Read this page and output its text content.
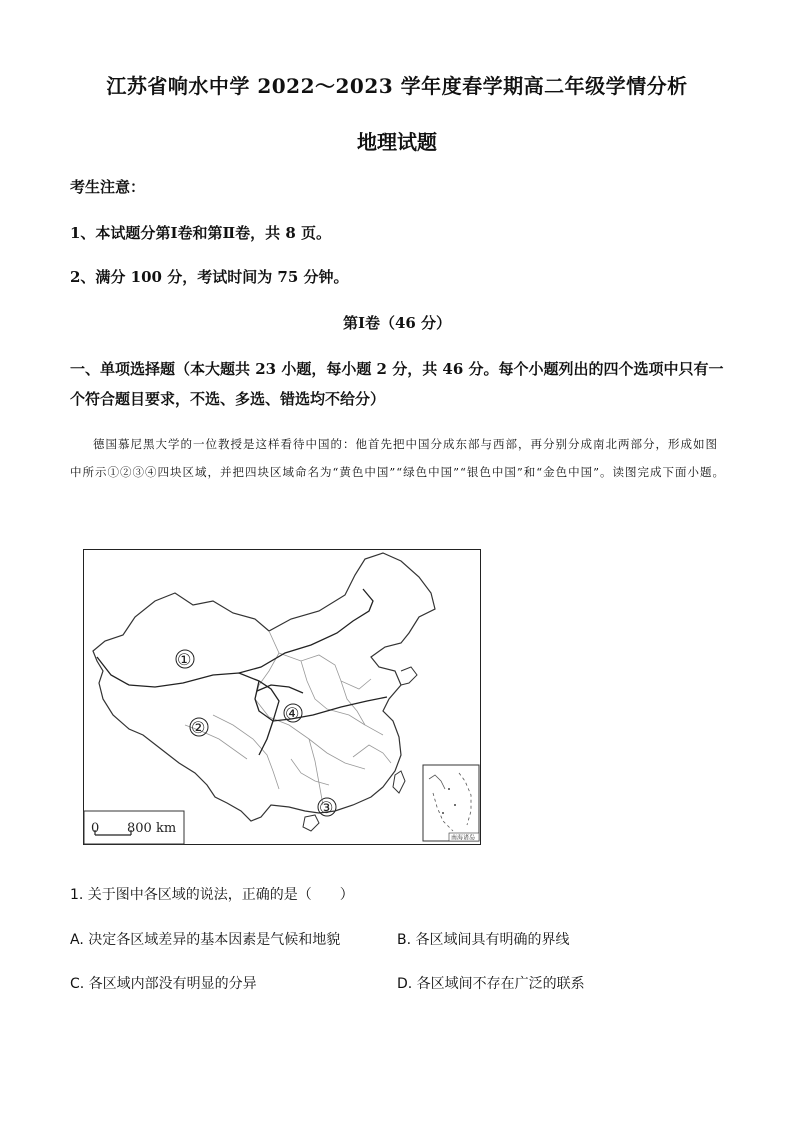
江苏省响水中学 2022～2023 学年度春学期高二年级学情分析
地理试题
考生注意：
1、本试题分第Ⅰ卷和第Ⅱ卷，共 8 页。
2、满分 100 分，考试时间为 75 分钟。
第Ⅰ卷（46 分）
一、单项选择题（本大题共 23 小题，每小题 2 分，共 46 分。每个小题列出的四个选项中只有一个符合题目要求，不选、多选、错选均不给分）
德国慕尼黑大学的一位教授是这样看待中国的：他首先把中国分成东部与西部，再分别分成南北两部分，形成如图中所示①②③④四块区域，并把四块区域命名为“黄色中国”“绿色中国”“银色中国”和“金色中国”。读图完成下面小题。
①
②
③
④
南海诸岛
0 800 km
1. 关于图中各区域的说法，正确的是（　　）
A. 决定各区域差异的基本因素是气候和地貌	B. 各区域间具有明确的界线
C. 各区域内部没有明显的分异	D. 各区域间不存在广泛的联系
